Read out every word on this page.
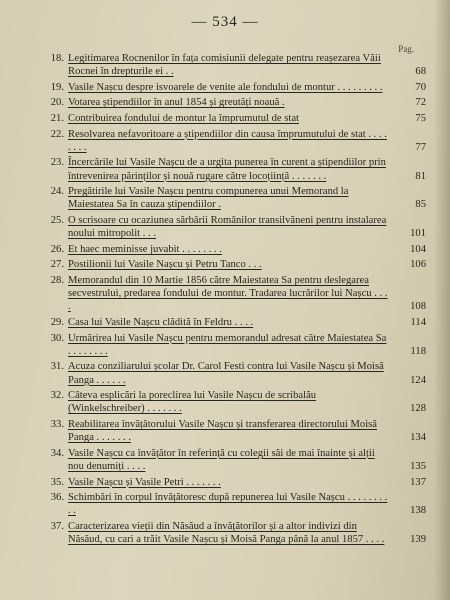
— 534 —
Pag.
18. Legitimarea Rocnenilor în fața comisiunii delegate pentru reașezarea Văii Rocnei în drepturile ei . .	68
19. Vasile Nașcu despre isvoarele de venite ale fondului de montur . . . . . . . . .	70
20. Votarea știpendiilor în anul 1854 și greutăți noauă .	72
21. Contribuirea fondului de montur la împrumutul de stat	75
22. Resolvarea nefavoritoare a știpendiilor din causa împrumutului de stat . . . . . . . .	77
23. Încercările lui Vasile Nașcu de a urgita punerea în curent a știpendiilor prin întrevenirea părinților și nouă rugare către locoțiință . . . . . . .	81
24. Pregătirile lui Vasile Nașcu pentru compunerea unui Memorand la Maiestatea Sa în cauza știpendiilor .	85
25. O scrisoare cu ocaziunea sărbării Românilor transilvăneni pentru instalarea noului mitropolit . . .	101
26. Et haec meminisse juvabit . . . . . . . .	104
27. Postilionii lui Vasile Nașcu și Petru Tanco . . .	106
28. Memorandul din 10 Martie 1856 către Maiestatea Sa pentru deslegarea secvestrului, predarea fondului de montur. Tradarea lucrărilor lui Nașcu . . . .	108
29. Casa lui Vasile Nașcu clădită în Feldru . . . .	114
30. Urmărirea lui Vasile Nașcu pentru memorandul adresat către Maiestatea Sa . . . . . . . .	118
31. Acuza conziliarului școlar Dr. Carol Festi contra lui Vasile Nașcu și Moisă Panga . . . . . .	124
32. Câteva esplicări la poreclirea lui Vasile Nașcu de scribalău (Winkelschreiber) . . . . . . .	128
33. Reabilitarea învățătorului Vasile Nașcu și transferarea directorului Moisă Panga . . . . . . .	134
34. Vasile Nașcu ca învățător în referință cu colegii săi de mai înainte și alții nou denumiți . . . .	135
35. Vasile Nașcu și Vasile Petri . . . . . . .	137
36. Schimbări în corpul învățătoresc după repunerea lui Vasile Nașcu . . . . . . . . . .	138
37. Caracterizarea vieții din Năsăud a învățătorilor și a altor indivizi din Năsăud, cu cari a trăit Vasile Nașcu și Moisă Panga până la anul 1857 . . . .	139
